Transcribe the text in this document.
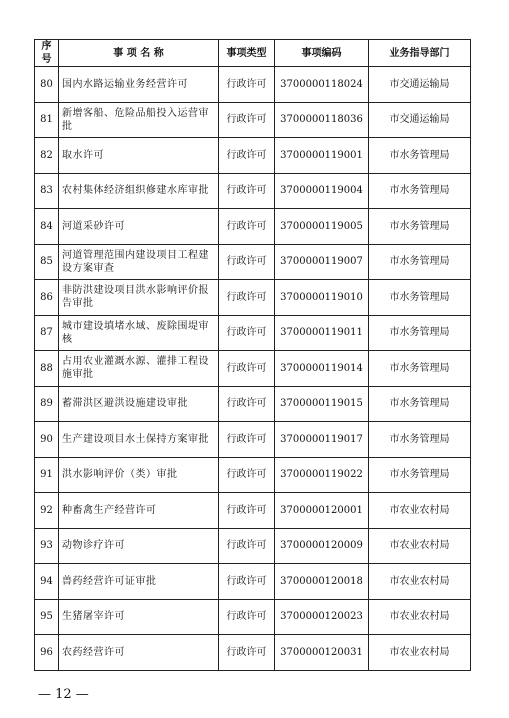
序号	事 项 名 称	事项类型	事项编码	业务指导部门
80	国内水路运输业务经营许可	行政许可	3700000118024	市交通运输局
81	新增客船、危险品船投入运营审批	行政许可	3700000118036	市交通运输局
82	取水许可	行政许可	3700000119001	市水务管理局
83	农村集体经济组织修建水库审批	行政许可	3700000119004	市水务管理局
84	河道采砂许可	行政许可	3700000119005	市水务管理局
85	河道管理范围内建设项目工程建设方案审查	行政许可	3700000119007	市水务管理局
86	非防洪建设项目洪水影响评价报告审批	行政许可	3700000119010	市水务管理局
87	城市建设填堵水域、废除围堤审核	行政许可	3700000119011	市水务管理局
88	占用农业灌溉水源、灌排工程设施审批	行政许可	3700000119014	市水务管理局
89	蓄滞洪区避洪设施建设审批	行政许可	3700000119015	市水务管理局
90	生产建设项目水土保持方案审批	行政许可	3700000119017	市水务管理局
91	洪水影响评价（类）审批	行政许可	3700000119022	市水务管理局
92	种畜禽生产经营许可	行政许可	3700000120001	市农业农村局
93	动物诊疗许可	行政许可	3700000120009	市农业农村局
94	兽药经营许可证审批	行政许可	3700000120018	市农业农村局
95	生猪屠宰许可	行政许可	3700000120023	市农业农村局
96	农药经营许可	行政许可	3700000120031	市农业农村局
— 12 —
